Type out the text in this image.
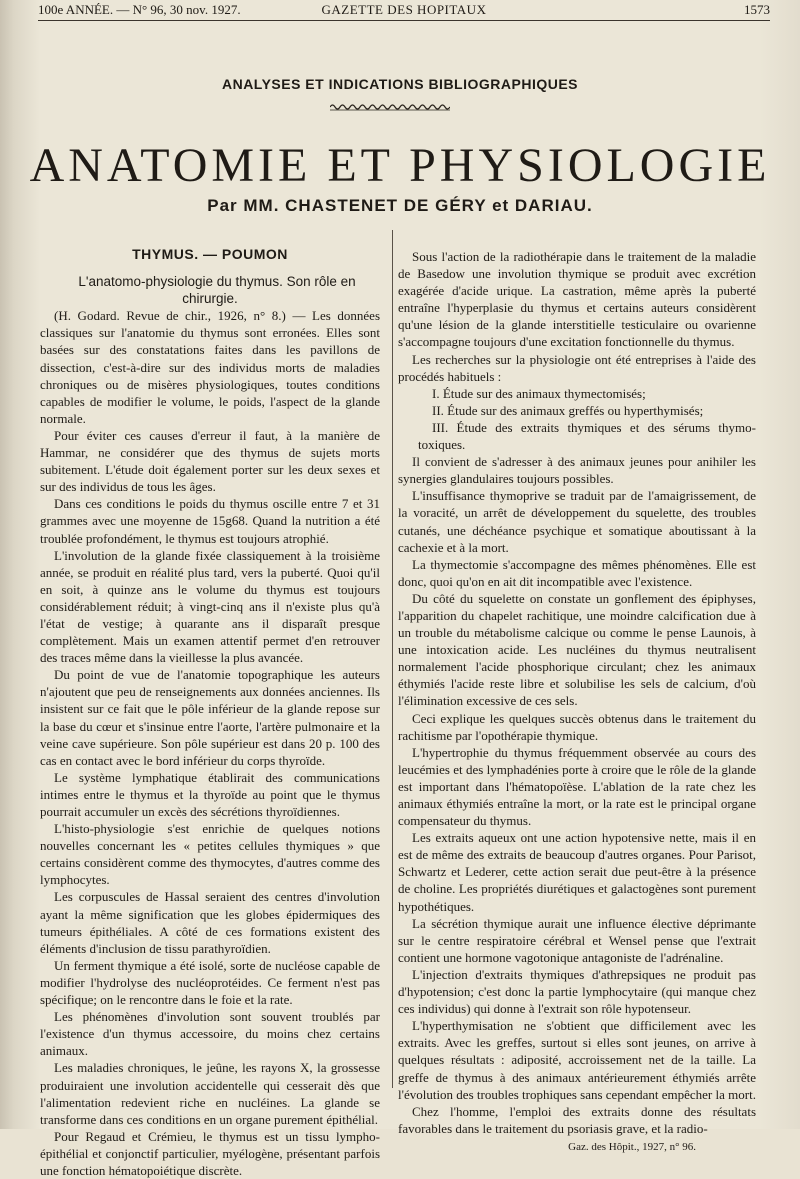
100e ANNÉE. — N° 96, 30 nov. 1927.	GAZETTE DES HOPITAUX	1573
ANALYSES ET INDICATIONS BIBLIOGRAPHIQUES
ANATOMIE ET PHYSIOLOGIE
Par MM. CHASTENET DE GÉRY et DARIAU.
THYMUS. — POUMON

L'anatomo-physiologie du thymus. Son rôle en chirurgie.

(H. Godard. Revue de chir., 1926, n° 8.) — Les données classiques sur l'anatomie du thymus sont erronées. Elles sont basées sur des constatations faites dans les pavillons de dissection, c'est-à-dire sur des individus morts de maladies chroniques ou de misères physiologiques, toutes conditions capables de modifier le volume, le poids, l'aspect de la glande normale.

Pour éviter ces causes d'erreur il faut, à la manière de Hammar, ne considérer que des thymus de sujets morts subitement. L'étude doit également porter sur les deux sexes et sur des individus de tous les âges.

Dans ces conditions le poids du thymus oscille entre 7 et 31 grammes avec une moyenne de 15g68. Quand la nutrition a été troublée profondément, le thymus est toujours atrophié.

L'involution de la glande fixée classiquement à la troisième année, se produit en réalité plus tard, vers la puberté. Quoi qu'il en soit, à quinze ans le volume du thymus est toujours considérablement réduit; à vingt-cinq ans il n'existe plus qu'à l'état de vestige; à quarante ans il disparaît presque complètement. Mais un examen attentif permet d'en retrouver des traces même dans la vieillesse la plus avancée.

Du point de vue de l'anatomie topographique les auteurs n'ajoutent que peu de renseignements aux données anciennes. Ils insistent sur ce fait que le pôle inférieur de la glande repose sur la base du cœur et s'insinue entre l'aorte, l'artère pulmonaire et la veine cave supérieure. Son pôle supérieur est dans 20 p. 100 des cas en contact avec le bord inférieur du corps thyroïde.

Le système lymphatique établirait des communications intimes entre le thymus et la thyroïde au point que le thymus pourrait accumuler un excès des sécrétions thyroïdiennes.

L'histo-physiologie s'est enrichie de quelques notions nouvelles concernant les « petites cellules thymiques » que certains considèrent comme des thymocytes, d'autres comme des lymphocytes.

Les corpuscules de Hassal seraient des centres d'involution ayant la même signification que les globes épidermiques des tumeurs épithéliales. A côté de ces formations existent des éléments d'inclusion de tissu parathyroïdien.

Un ferment thymique a été isolé, sorte de nucléose capable de modifier l'hydrolyse des nucléoprotéides. Ce ferment n'est pas spécifique; on le rencontre dans le foie et la rate.

Les phénomènes d'involution sont souvent troublés par l'existence d'un thymus accessoire, du moins chez certains animaux.

Les maladies chroniques, le jeûne, les rayons X, la grossesse produiraient une involution accidentelle qui cesserait dès que l'alimentation redevient riche en nucléines. La glande se transforme dans ces conditions en un organe purement épithélial.

Pour Regaud et Crémieu, le thymus est un tissu lympho-épithélial et conjonctif particulier, myélogène, présentant parfois une fonction hématopoiétique discrète.

Sous l'action de la radiothérapie dans le traitement de la maladie de Basedow une involution thymique se produit avec excrétion exagérée d'acide urique. La castration, même après la puberté entraîne l'hyperplasie du thymus et certains auteurs considèrent qu'une lésion de la glande interstitielle testiculaire ou ovarienne s'accompagne toujours d'une excitation fonctionnelle du thymus.

Les recherches sur la physiologie ont été entreprises à l'aide des procédés habituels :

I. Étude sur des animaux thymectomisés;

II. Étude sur des animaux greffés ou hyperthymisés;

III. Étude des extraits thymiques et des sérums thymo-toxiques.

Il convient de s'adresser à des animaux jeunes pour anihiler les synergies glandulaires toujours possibles.

L'insuffisance thymoprive se traduit par de l'amaigrissement, de la voracité, un arrêt de développement du squelette, des troubles cutanés, une déchéance psychique et somatique aboutissant à la cachexie et à la mort.

La thymectomie s'accompagne des mêmes phénomènes. Elle est donc, quoi qu'on en ait dit incompatible avec l'existence.

Du côté du squelette on constate un gonflement des épiphyses, l'apparition du chapelet rachitique, une moindre calcification due à un trouble du métabolisme calcique ou comme le pense Launois, à une intoxication acide. Les nucléines du thymus neutralisent normalement l'acide phosphorique circulant; chez les animaux éthymiés l'acide reste libre et solubilise les sels de calcium, d'où l'élimination excessive de ces sels.

Ceci explique les quelques succès obtenus dans le traitement du rachitisme par l'opothérapie thymique.

L'hypertrophie du thymus fréquemment observée au cours des leucémies et des lymphadénies porte à croire que le rôle de la glande est important dans l'hématopoïèse. L'ablation de la rate chez les animaux éthymiés entraîne la mort, or la rate est le principal organe compensateur du thymus.

Les extraits aqueux ont une action hypotensive nette, mais il en est de même des extraits de beaucoup d'autres organes. Pour Parisot, Schwartz et Lederer, cette action serait due peut-être à la présence de choline. Les propriétés diurétiques et galactogènes sont purement hypothétiques.

La sécrétion thymique aurait une influence élective déprimante sur le centre respiratoire cérébral et Wensel pense que l'extrait contient une hormone vagotonique antagoniste de l'adrénaline.

L'injection d'extraits thymiques d'athrepsiques ne produit pas d'hypotension; c'est donc la partie lymphocytaire (qui manque chez ces individus) qui donne à l'extrait son rôle hypotenseur.

L'hyperthymisation ne s'obtient que difficilement avec les extraits. Avec les greffes, surtout si elles sont jeunes, on arrive à quelques résultats : adiposité, accroissement net de la taille. La greffe de thymus à des animaux antérieurement éthymiés arrête l'évolution des troubles trophiques sans cependant empêcher la mort.

Chez l'homme, l'emploi des extraits donne des résultats favorables dans le traitement du psoriasis grave, et la radio-

Gaz. des Hôpit., 1927, n° 96.
